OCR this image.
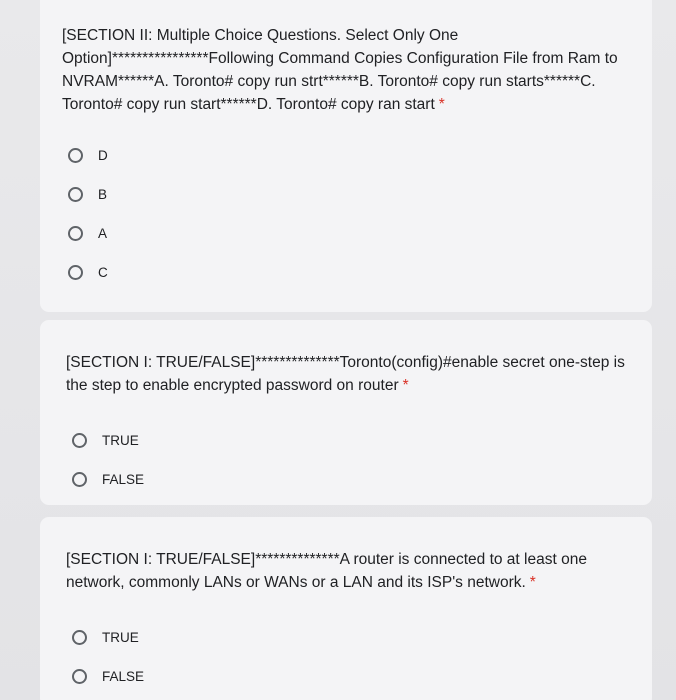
[SECTION II: Multiple Choice Questions. Select Only One Option]****************Following Command Copies Configuration File from Ram to NVRAM******A. Toronto# copy run strt******B. Toronto# copy run starts******C. Toronto# copy run start******D. Toronto# copy ran start *

D
B
A
C

[SECTION I: TRUE/FALSE]**************Toronto(config)#enable secret one-step is the step to enable encrypted password on router *

TRUE
FALSE

[SECTION I: TRUE/FALSE]**************A router is connected to at least one network, commonly LANs or WANs or a LAN and its ISP's network. *

TRUE
FALSE
